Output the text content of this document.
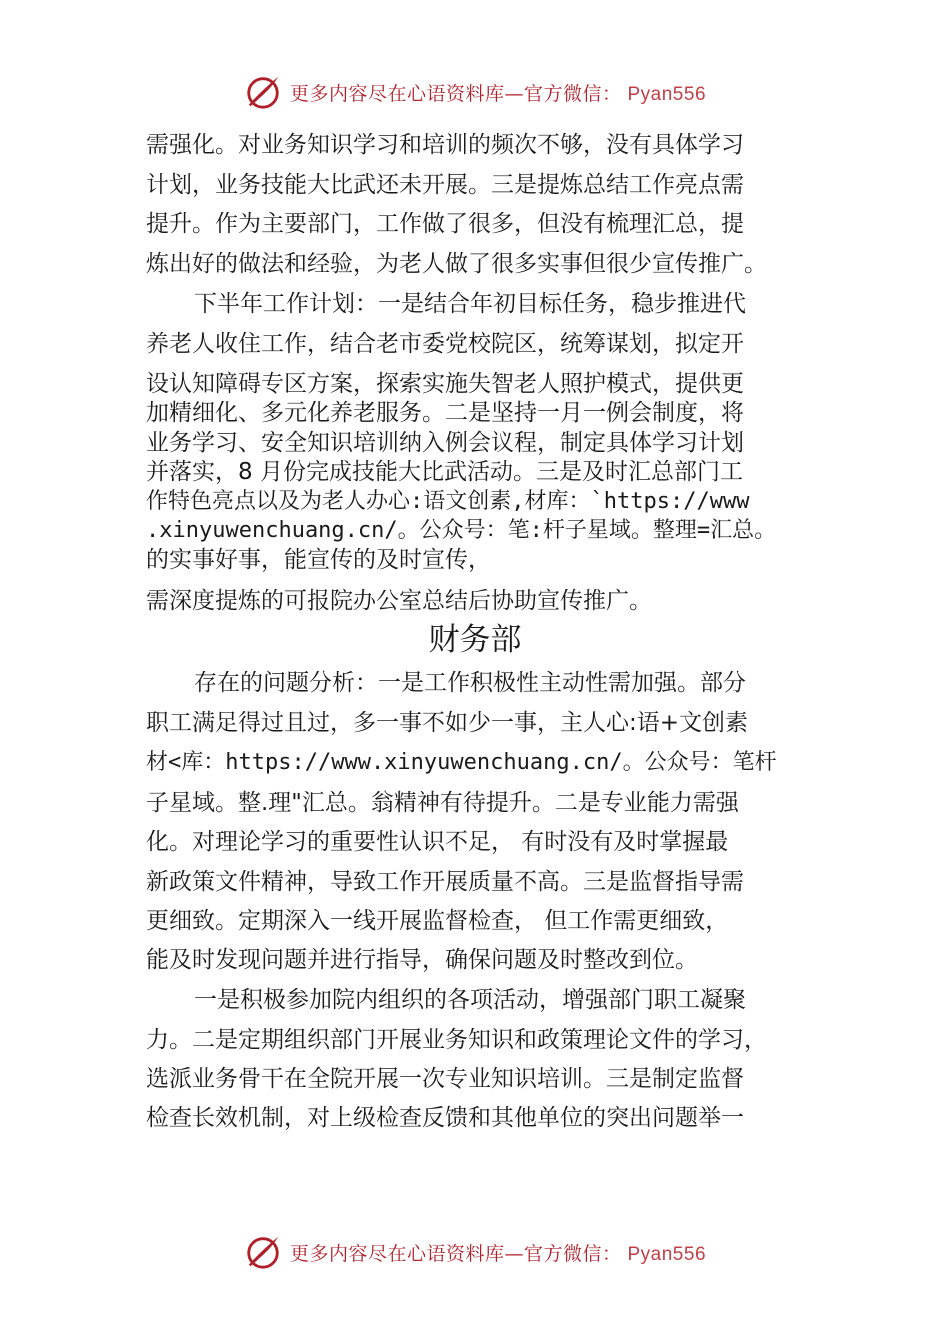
更多内容尽在心语资料库—官方微信： Pyan556
需强化。对业务知识学习和培训的频次不够，没有具体学习
计划，业务技能大比武还未开展。三是提炼总结工作亮点需
提升。作为主要部门，工作做了很多，但没有梳理汇总，提
炼出好的做法和经验，为老人做了很多实事但很少宣传推广。
下半年工作计划：一是结合年初目标任务，稳步推进代
养老人收住工作，结合老市委党校院区，统筹谋划，拟定开
设认知障碍专区方案，探索实施失智老人照护模式，提供更
加精细化、多元化养老服务。二是坚持一月一例会制度，将
业务学习、安全知识培训纳入例会议程，制定具体学习计划
并落实，8 月份完成技能大比武活动。三是及时汇总部门工
作特色亮点以及为老人办心:语文创素,材库：`https://www
.xinyuwenchuang.cn/。公众号：笔:杆子星域。整理=汇总。
的实事好事，能宣传的及时宣传，
需深度提炼的可报院办公室总结后协助宣传推广。
财务部
存在的问题分析：一是工作积极性主动性需加强。部分
职工满足得过且过，多一事不如少一事，主人心:语+文创素
材<库：https://www.xinyuwenchuang.cn/。公众号：笔杆
子星域。整.理"汇总。翁精神有待提升。二是专业能力需强
化。对理论学习的重要性认识不足， 有时没有及时掌握最
新政策文件精神，导致工作开展质量不高。三是监督指导需
更细致。定期深入一线开展监督检查， 但工作需更细致，
能及时发现问题并进行指导，确保问题及时整改到位。
一是积极参加院内组织的各项活动，增强部门职工凝聚
力。二是定期组织部门开展业务知识和政策理论文件的学习，
选派业务骨干在全院开展一次专业知识培训。三是制定监督
检查长效机制，对上级检查反馈和其他单位的突出问题举一
更多内容尽在心语资料库—官方微信： Pyan556
